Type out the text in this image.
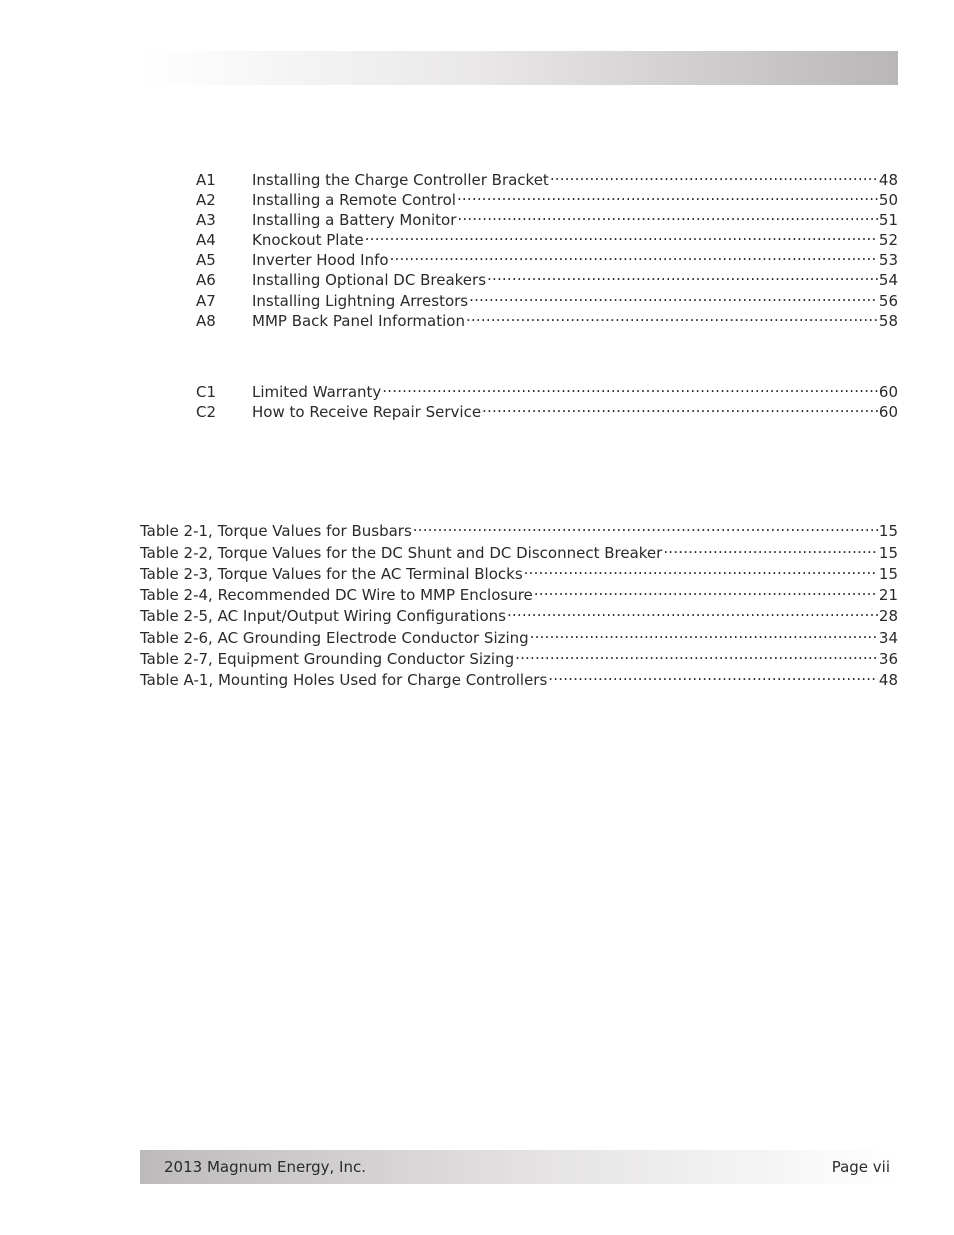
A1	Installing the Charge Controller Bracket .....	48
A2	Installing a Remote Control .....	50
A3	Installing a Battery Monitor .....	51
A4	Knockout Plate .....	52
A5	Inverter Hood Info .....	53
A6	Installing Optional DC Breakers .....	54
A7	Installing Lightning Arrestors .....	56
A8	MMP Back Panel Information .....	58
C1	Limited Warranty .....	60
C2	How to Receive Repair Service .....	60
Table 2-1, Torque Values for Busbars .....	15
Table 2-2, Torque Values for the DC Shunt and DC Disconnect Breaker .....	15
Table 2-3, Torque Values for the AC Terminal Blocks .....	15
Table 2-4, Recommended DC Wire to MMP Enclosure .....	21
Table 2-5, AC Input/Output Wiring Configurations .....	28
Table 2-6, AC Grounding Electrode Conductor Sizing .....	34
Table 2-7, Equipment Grounding Conductor Sizing .....	36
Table A-1, Mounting Holes Used for Charge Controllers .....	48
2013 Magnum Energy, Inc.	Page vii
